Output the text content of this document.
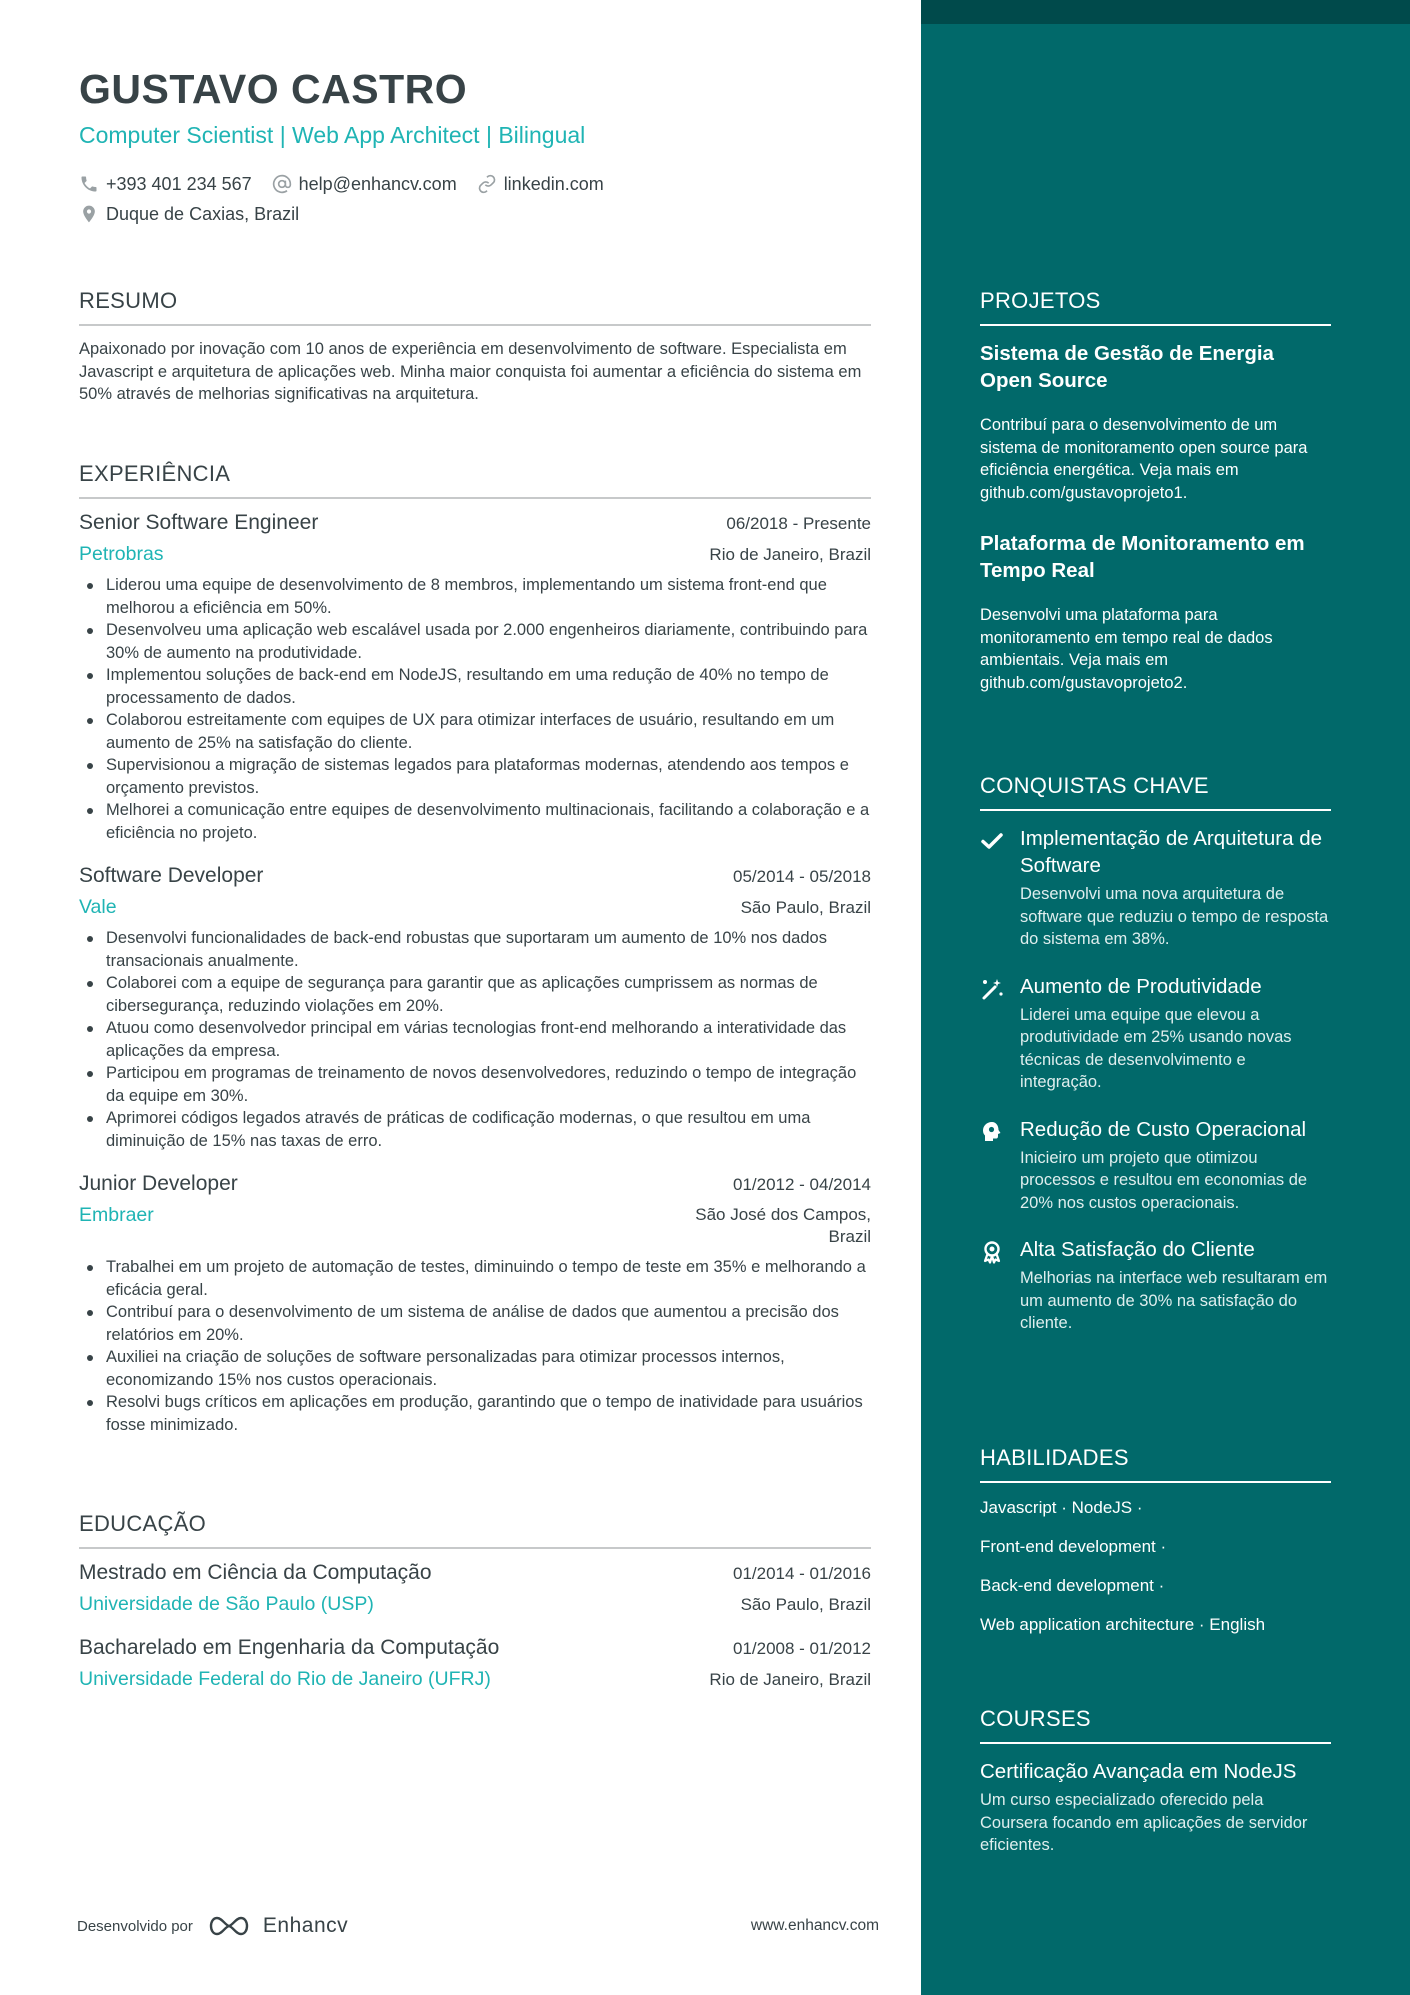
GUSTAVO CASTRO
Computer Scientist | Web App Architect | Bilingual
+393 401 234 567	help@enhancv.com	linkedin.com
Duque de Caxias, Brazil
RESUMO
Apaixonado por inovação com 10 anos de experiência em desenvolvimento de software. Especialista em Javascript e arquitetura de aplicações web. Minha maior conquista foi aumentar a eficiência do sistema em 50% através de melhorias significativas na arquitetura.
EXPERIÊNCIA
Senior Software Engineer	06/2018 - Presente
Petrobras	Rio de Janeiro, Brazil
Liderou uma equipe de desenvolvimento de 8 membros, implementando um sistema front-end que melhorou a eficiência em 50%.
Desenvolveu uma aplicação web escalável usada por 2.000 engenheiros diariamente, contribuindo para 30% de aumento na produtividade.
Implementou soluções de back-end em NodeJS, resultando em uma redução de 40% no tempo de processamento de dados.
Colaborou estreitamente com equipes de UX para otimizar interfaces de usuário, resultando em um aumento de 25% na satisfação do cliente.
Supervisionou a migração de sistemas legados para plataformas modernas, atendendo aos tempos e orçamento previstos.
Melhorei a comunicação entre equipes de desenvolvimento multinacionais, facilitando a colaboração e a eficiência no projeto.
Software Developer	05/2014 - 05/2018
Vale	São Paulo, Brazil
Desenvolvi funcionalidades de back-end robustas que suportaram um aumento de 10% nos dados transacionais anualmente.
Colaborei com a equipe de segurança para garantir que as aplicações cumprissem as normas de cibersegurança, reduzindo violações em 20%.
Atuou como desenvolvedor principal em várias tecnologias front-end melhorando a interatividade das aplicações da empresa.
Participou em programas de treinamento de novos desenvolvedores, reduzindo o tempo de integração da equipe em 30%.
Aprimorei códigos legados através de práticas de codificação modernas, o que resultou em uma diminuição de 15% nas taxas de erro.
Junior Developer	01/2012 - 04/2014
Embraer	São José dos Campos, Brazil
Trabalhei em um projeto de automação de testes, diminuindo o tempo de teste em 35% e melhorando a eficácia geral.
Contribuí para o desenvolvimento de um sistema de análise de dados que aumentou a precisão dos relatórios em 20%.
Auxiliei na criação de soluções de software personalizadas para otimizar processos internos, economizando 15% nos custos operacionais.
Resolvi bugs críticos em aplicações em produção, garantindo que o tempo de inatividade para usuários fosse minimizado.
EDUCAÇÃO
Mestrado em Ciência da Computação	01/2014 - 01/2016
Universidade de São Paulo (USP)	São Paulo, Brazil
Bacharelado em Engenharia da Computação	01/2008 - 01/2012
Universidade Federal do Rio de Janeiro (UFRJ)	Rio de Janeiro, Brazil
Desenvolvido por	Enhancv	www.enhancv.com
PROJETOS
Sistema de Gestão de Energia Open Source
Contribuí para o desenvolvimento de um sistema de monitoramento open source para eficiência energética. Veja mais em github.com/gustavoprojeto1.
Plataforma de Monitoramento em Tempo Real
Desenvolvi uma plataforma para monitoramento em tempo real de dados ambientais. Veja mais em github.com/gustavoprojeto2.
CONQUISTAS CHAVE
Implementação de Arquitetura de Software
Desenvolvi uma nova arquitetura de software que reduziu o tempo de resposta do sistema em 38%.
Aumento de Produtividade
Liderei uma equipe que elevou a produtividade em 25% usando novas técnicas de desenvolvimento e integração.
Redução de Custo Operacional
Inicieiro um projeto que otimizou processos e resultou em economias de 20% nos custos operacionais.
Alta Satisfação do Cliente
Melhorias na interface web resultaram em um aumento de 30% na satisfação do cliente.
HABILIDADES
Javascript · NodeJS ·
Front-end development ·
Back-end development ·
Web application architecture · English
COURSES
Certificação Avançada em NodeJS
Um curso especializado oferecido pela Coursera focando em aplicações de servidor eficientes.
